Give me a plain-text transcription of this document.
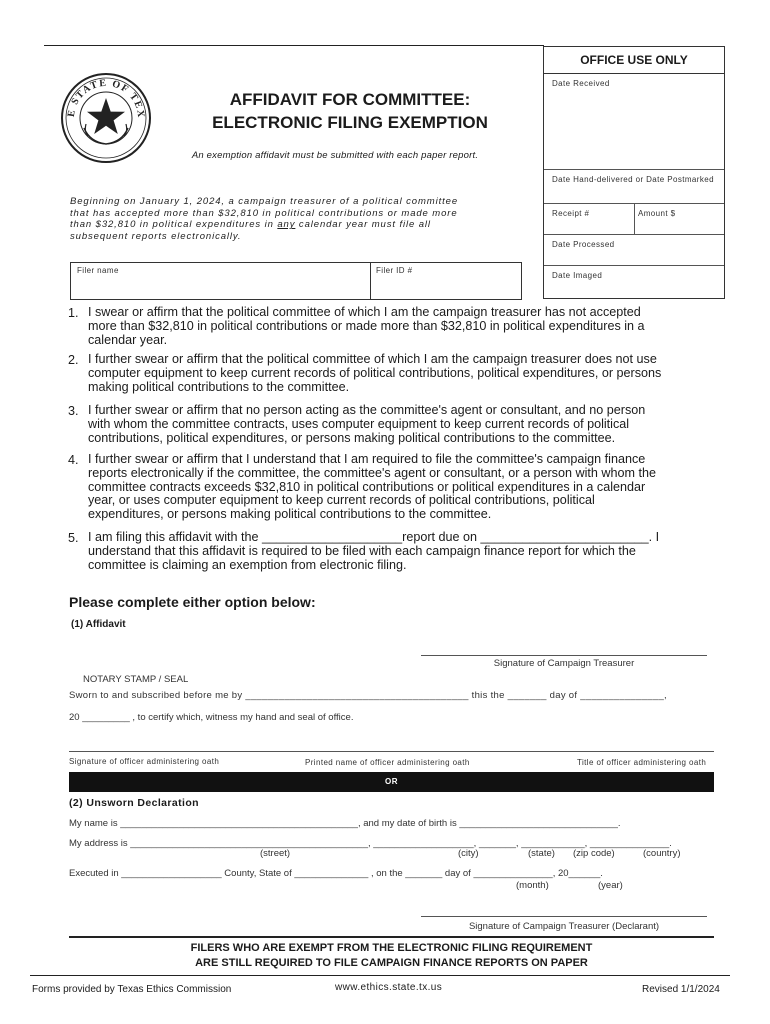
E STATE OF TEX
AFFIDAVIT FOR COMMITTEE:
ELECTRONIC FILING EXEMPTION
An exemption affidavit must be submitted with each paper report.
OFFICE USE ONLY
Date Received
Date Hand-delivered or Date Postmarked
Receipt #	Amount $
Date Processed
Date Imaged
Beginning on January 1, 2024, a campaign treasurer of a political committee
that has accepted more than $32,810 in political contributions or made more
than $32,810 in political expenditures in any calendar year must file all
subsequent reports electronically.
Filer name	Filer ID #
1. I swear or affirm that the political committee of which I am the campaign treasurer has not accepted
more than $32,810 in political contributions or made more than $32,810 in political expenditures in a
calendar year.
2. I further swear or affirm that the political committee of which I am the campaign treasurer does not use
computer equipment to keep current records of political contributions, political expenditures, or persons
making political contributions to the committee.
3. I further swear or affirm that no person acting as the committee's agent or consultant, and no person
with whom the committee contracts, uses computer equipment to keep current records of political
contributions, political expenditures, or persons making political contributions to the committee.
4. I further swear or affirm that I understand that I am required to file the committee's campaign finance
reports electronically if the committee, the committee's agent or consultant, or a person with whom the
committee contracts exceeds $32,810 in political contributions or political expenditures in a calendar
year, or uses computer equipment to keep current records of political contributions, political
expenditures, or persons making political contributions to the committee.
5. I am filing this affidavit with the ____________________report due on ________________________. I
understand that this affidavit is required to be filed with each campaign finance report for which the
committee is claiming an exemption from electronic filing.
Please complete either option below:
(1) Affidavit
Signature of Campaign Treasurer
NOTARY STAMP / SEAL
Sworn to and subscribed before me by ________________________________________ this the _______ day of _______________,
20 _________ , to certify which, witness my hand and seal of office.
Signature of officer administering oath	Printed name of officer administering oath	Title of officer administering oath
OR
(2) Unsworn Declaration
My name is _____________________________________________, and my date of birth is ______________________________.
My address is _____________________________________________, ___________________, _______, ____________, _______________.
(street)	(city)	(state) (zip code)	(country)
Executed in ___________________ County, State of ______________ , on the _______ day of _______________, 20______.
(month)	(year)
Signature of Campaign Treasurer (Declarant)
FILERS WHO ARE EXEMPT FROM THE ELECTRONIC FILING REQUIREMENT
ARE STILL REQUIRED TO FILE CAMPAIGN FINANCE REPORTS ON PAPER
Forms provided by Texas Ethics Commission	www.ethics.state.tx.us	Revised 1/1/2024
